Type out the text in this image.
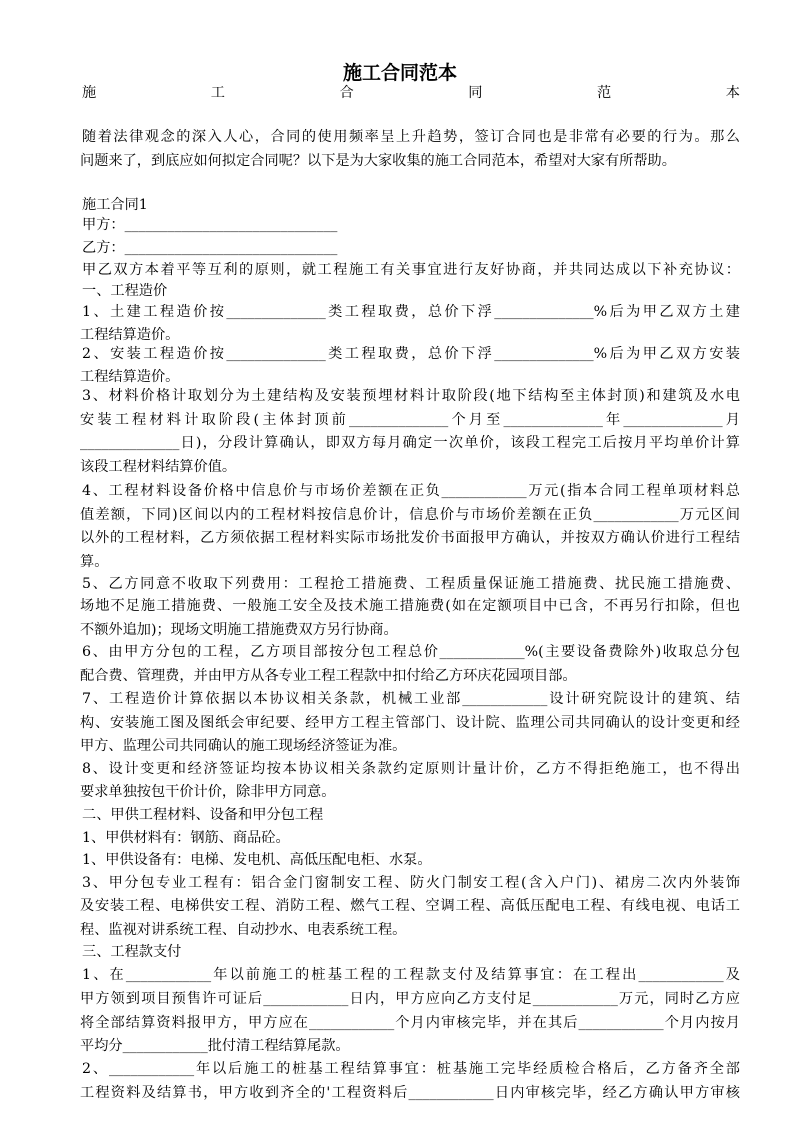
施工合同范本
施工合同范本
随着法律观念的深入人心，合同的使用频率呈上升趋势，签订合同也是非常有必要的行为。那么
问题来了，到底应如何拟定合同呢？以下是为大家收集的施工合同范本，希望对大家有所帮助。
施工合同1
甲方：______________________________
乙方：______________________________
甲乙双方本着平等互利的原则，就工程施工有关事宜进行友好协商，并共同达成以下补充协议：
一、工程造价
1、土建工程造价按______________类工程取费，总价下浮______________%后为甲乙双方土建
工程结算造价。
2、安装工程造价按______________类工程取费，总价下浮______________%后为甲乙双方安装
工程结算造价。
3、材料价格计取划分为土建结构及安装预埋材料计取阶段(地下结构至主体封顶)和建筑及水电
安装工程材料计取阶段(主体封顶前______________个月至______________年______________月
______________日)，分段计算确认，即双方每月确定一次单价，该段工程完工后按月平均单价计算
该段工程材料结算价值。
4、工程材料设备价格中信息价与市场价差额在正负____________万元(指本合同工程单项材料总
值差额，下同)区间以内的工程材料按信息价计，信息价与市场价差额在正负____________万元区间
以外的工程材料，乙方须依据工程材料实际市场批发价书面报甲方确认，并按双方确认价进行工程结
算。
5、乙方同意不收取下列费用：工程抢工措施费、工程质量保证施工措施费、扰民施工措施费、
场地不足施工措施费、一般施工安全及技术施工措施费(如在定额项目中已含，不再另行扣除，但也
不额外追加)；现场文明施工措施费双方另行协商。
6、由甲方分包的工程，乙方项目部按分包工程总价____________%(主要设备费除外)收取总分包
配合费、管理费，并由甲方从各专业工程工程款中扣付给乙方环庆花园项目部。
7、工程造价计算依据以本协议相关条款，机械工业部____________设计研究院设计的建筑、结
构、安装施工图及图纸会审纪要、经甲方工程主管部门、设计院、监理公司共同确认的设计变更和经
甲方、监理公司共同确认的施工现场经济签证为准。
8、设计变更和经济签证均按本协议相关条款约定原则计量计价，乙方不得拒绝施工，也不得出
要求单独按包干价计价，除非甲方同意。
二、甲供工程材料、设备和甲分包工程
1、甲供材料有：钢筋、商品砼。
1、甲供设备有：电梯、发电机、高低压配电柜、水泵。
3、甲分包专业工程有：铝合金门窗制安工程、防火门制安工程(含入户门)、裙房二次内外装饰
及安装工程、电梯供安工程、消防工程、燃气工程、空调工程、高低压配电工程、有线电视、电话工
程、监视对讲系统工程、自动抄水、电表系统工程。
三、工程款支付
1、在____________年以前施工的桩基工程的工程款支付及结算事宜：在工程出____________及
甲方领到项目预售许可证后____________日内，甲方应向乙方支付足____________万元，同时乙方应
将全部结算资料报甲方，甲方应在____________个月内审核完毕，并在其后____________个月内按月
平均分____________批付清工程结算尾款。
2、____________年以后施工的桩基工程结算事宜：桩基施工完毕经质检合格后，乙方备齐全部
工程资料及结算书，甲方收到齐全的'工程资料后____________日内审核完毕，经乙方确认甲方审核
